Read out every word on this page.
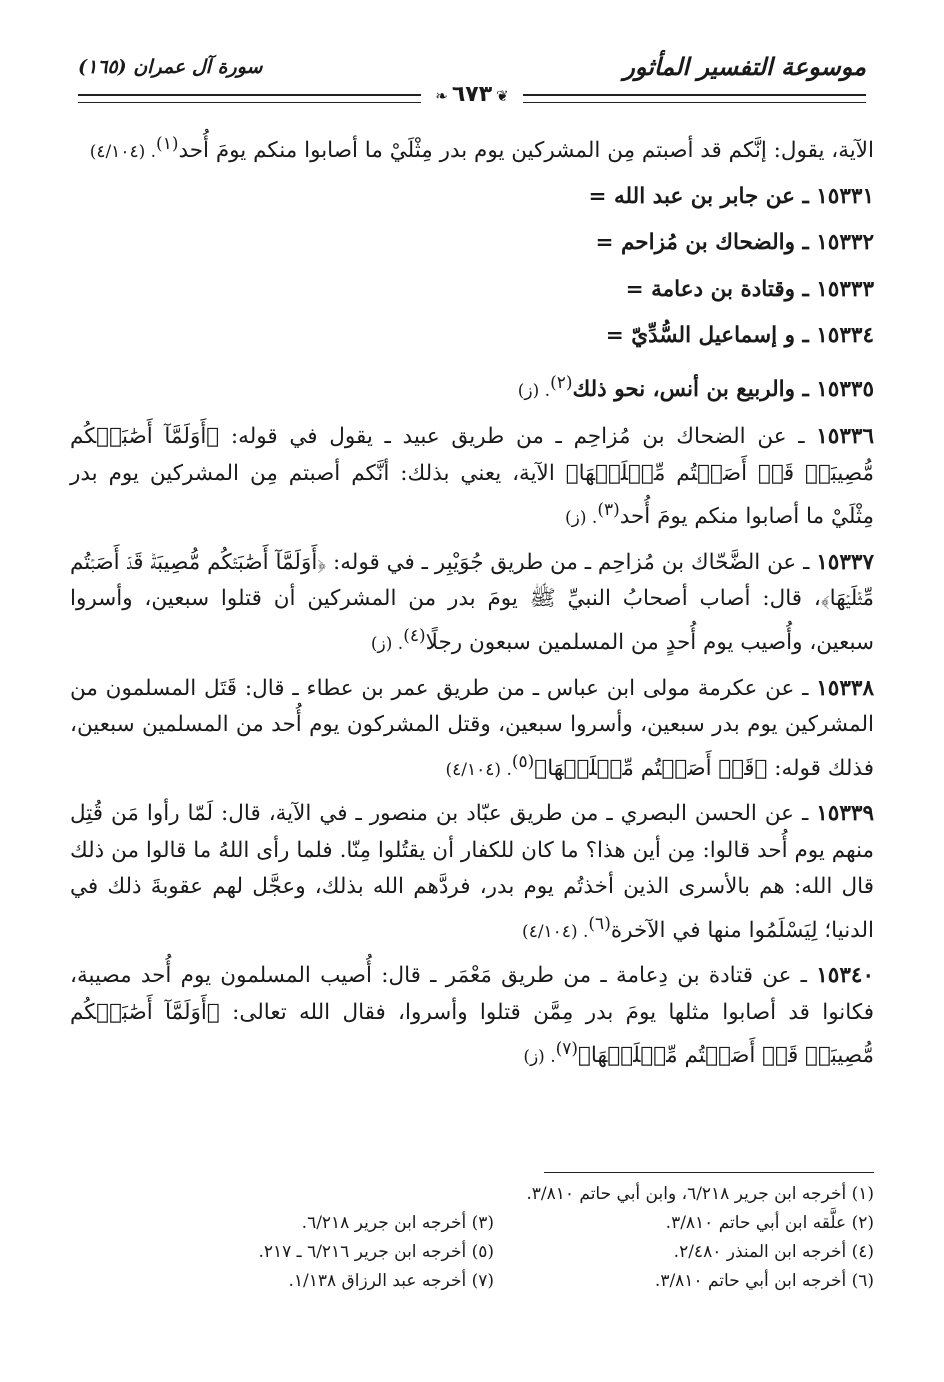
موسوعة التفسير المأثور
سورة آل عمران (١٦٥)
❦٦٧٣❧

الآية، يقول: إنَّكم قد أصبتم مِن المشركين يوم بدر مِثْلَيْ ما أصابوا منكم يومَ أُحد$^{(١)}$. (٤/١٠٤)

١٥٣٣١ ـ عن جابر بن عبد الله =

١٥٣٣٢ ـ والضحاك بن مُزاحم =

١٥٣٣٣ ـ وقتادة بن دعامة =

١٥٣٣٤ ـ و إسماعيل السُّدِّيّ =

١٥٣٣٥ ـ والربيع بن أنس، نحو ذلك$^{(٢)}$. (ز)

١٥٣٣٦ ـ عن الضحاك بن مُزاحِم ـ من طريق عبيد ـ يقول في قوله: ﴿أَوَلَمَّآ أَصَٰبَتۡكُم مُّصِيبَةٞ قَدۡ أَصَبۡتُم مِّثۡلَيۡهَا﴾ الآية، يعني بذلك: أنَّكم أصبتم مِن المشركين يوم بدر مِثْلَيْ ما أصابوا منكم يومَ أُحد$^{(٣)}$. (ز)

١٥٣٣٧ ـ عن الضَّحّاك بن مُزاحِم ـ من طريق جُوَيْبِر ـ في قوله: ﴿أَوَلَمَّآ أَصَٰبَتۡكُم مُّصِيبَةٞ قَدۡ أَصَبۡتُم مِّثۡلَيۡهَا﴾، قال: أصاب أصحابُ النبيِّ ﷺ يومَ بدر من المشركين أن قتلوا سبعين، وأسروا سبعين، وأُصيب يوم أُحدٍ من المسلمين سبعون رجلًا$^{(٤)}$. (ز)

١٥٣٣٨ ـ عن عكرمة مولى ابن عباس ـ من طريق عمر بن عطاء ـ قال: قَتَل المسلمون من المشركين يوم بدر سبعين، وأسروا سبعين، وقتل المشركون يوم أُحد من المسلمين سبعين، فذلك قوله: ﴿قَدۡ أَصَبۡتُم مِّثۡلَيۡهَا﴾$^{(٥)}$. (٤/١٠٤)

١٥٣٣٩ ـ عن الحسن البصري ـ من طريق عبّاد بن منصور ـ في الآية، قال: لَمّا رأوا مَن قُتِل منهم يوم أُحد قالوا: مِن أين هذا؟ ما كان للكفار أن يقتُلوا مِنّا. فلما رأى اللهُ ما قالوا من ذلك قال الله: هم بالأسرى الذين أخذتُم يوم بدر، فردَّهم الله بذلك، وعجَّل لهم عقوبةَ ذلك في الدنيا؛ لِيَسْلَمُوا منها في الآخرة$^{(٦)}$. (٤/١٠٤)

١٥٣٤٠ ـ عن قتادة بن دِعامة ـ من طريق مَعْمَر ـ قال: أُصيب المسلمون يوم أُحد مصيبة، فكانوا قد أصابوا مثلها يومَ بدر مِمَّن قتلوا وأسروا، فقال الله تعالى: ﴿أَوَلَمَّآ أَصَٰبَتۡكُم مُّصِيبَةٞ قَدۡ أَصَبۡتُم مِّثۡلَيۡهَا﴾$^{(٧)}$. (ز)

(١) أخرجه ابن جرير ٦/٢١٨، وابن أبي حاتم ٣/٨١٠.
(٢) علَّقه ابن أبي حاتم ٣/٨١٠.
(٣) أخرجه ابن جرير ٦/٢١٨.
(٤) أخرجه ابن المنذر ٢/٤٨٠.
(٥) أخرجه ابن جرير ٦/٢١٦ ـ ٢١٧.
(٦) أخرجه ابن أبي حاتم ٣/٨١٠.
(٧) أخرجه عبد الرزاق ١/١٣٨.
